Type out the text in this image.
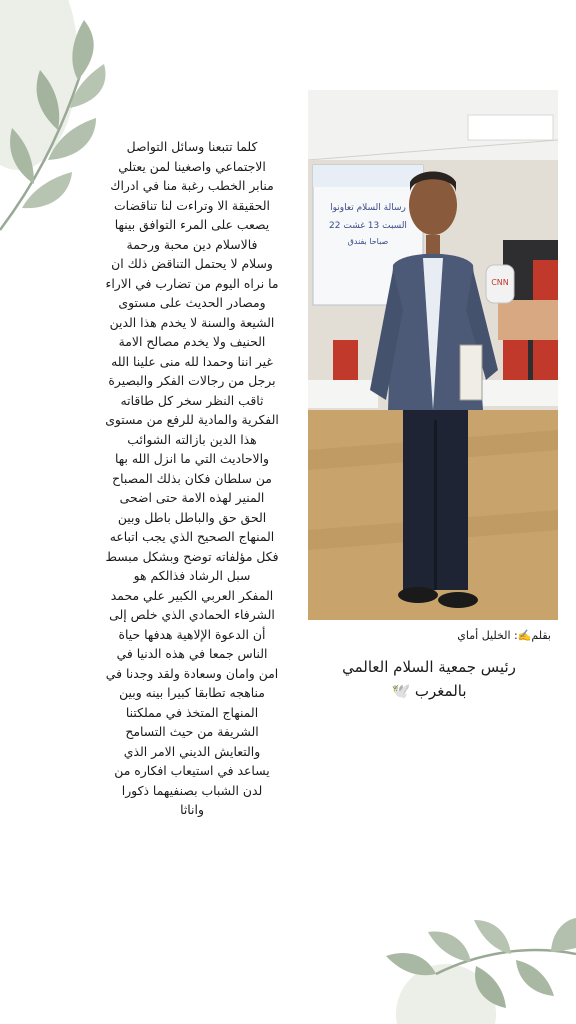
رسالة السلام تعاونوا
السبت 13 غشت 22
صباحا بفندق
CNN
كلما تتبعنا وسائل التواصل
الاجتماعي واصغينا لمن يعتلي
منابر الخطب رغبة منا في ادراك
الحقيقة الا وتراءت لنا تناقضات
يصعب على المرء التوافق بينها
فالاسلام دين محبة ورحمة
وسلام لا يحتمل التناقض ذلك ان
ما نراه اليوم من تضارب في الاراء
ومصادر الحديث على مستوى
الشيعة والسنة لا يخدم هذا الدين
الحنيف ولا يخدم مصالح الامة
غير اننا وحمدا لله منى علينا الله
برجل من رجالات الفكر والبصيرة
ثاقب النظر سخر كل طاقاته
الفكرية والمادية للرفع من مستوى
هذا الدين بازالته الشوائب
والاحاديث التي ما انزل الله بها
من سلطان فكان بذلك المصباح
المنير لهذه الامة حتى اضحى
الحق حق والباطل باطل وبين
المنهاج الصحيح الذي يجب اتباعه
فكل مؤلفاته توضح وبشكل مبسط
سبل الرشاد فذالكم هو
المفكر العربي الكبير علي محمد
الشرفاء الحمادي الذي خلص إلى
أن الدعوة الإلاهية هدفها حياة
الناس جمعا في هذه الدنيا في
امن وامان وسعادة ولقد وجدنا في
مناهجه تطابقا كبيرا بينه وبين
المنهاج المتخذ في مملكتنا
الشريفة من حيث التسامح
والتعايش الديني الامر الذي
يساعد في استيعاب افكاره من
لدن الشباب بصنفيهما ذكورا
واناثا
بقلم✍️: الخليل أماي
رئيس جمعية السلام العالمي
بالمغرب 🕊️
